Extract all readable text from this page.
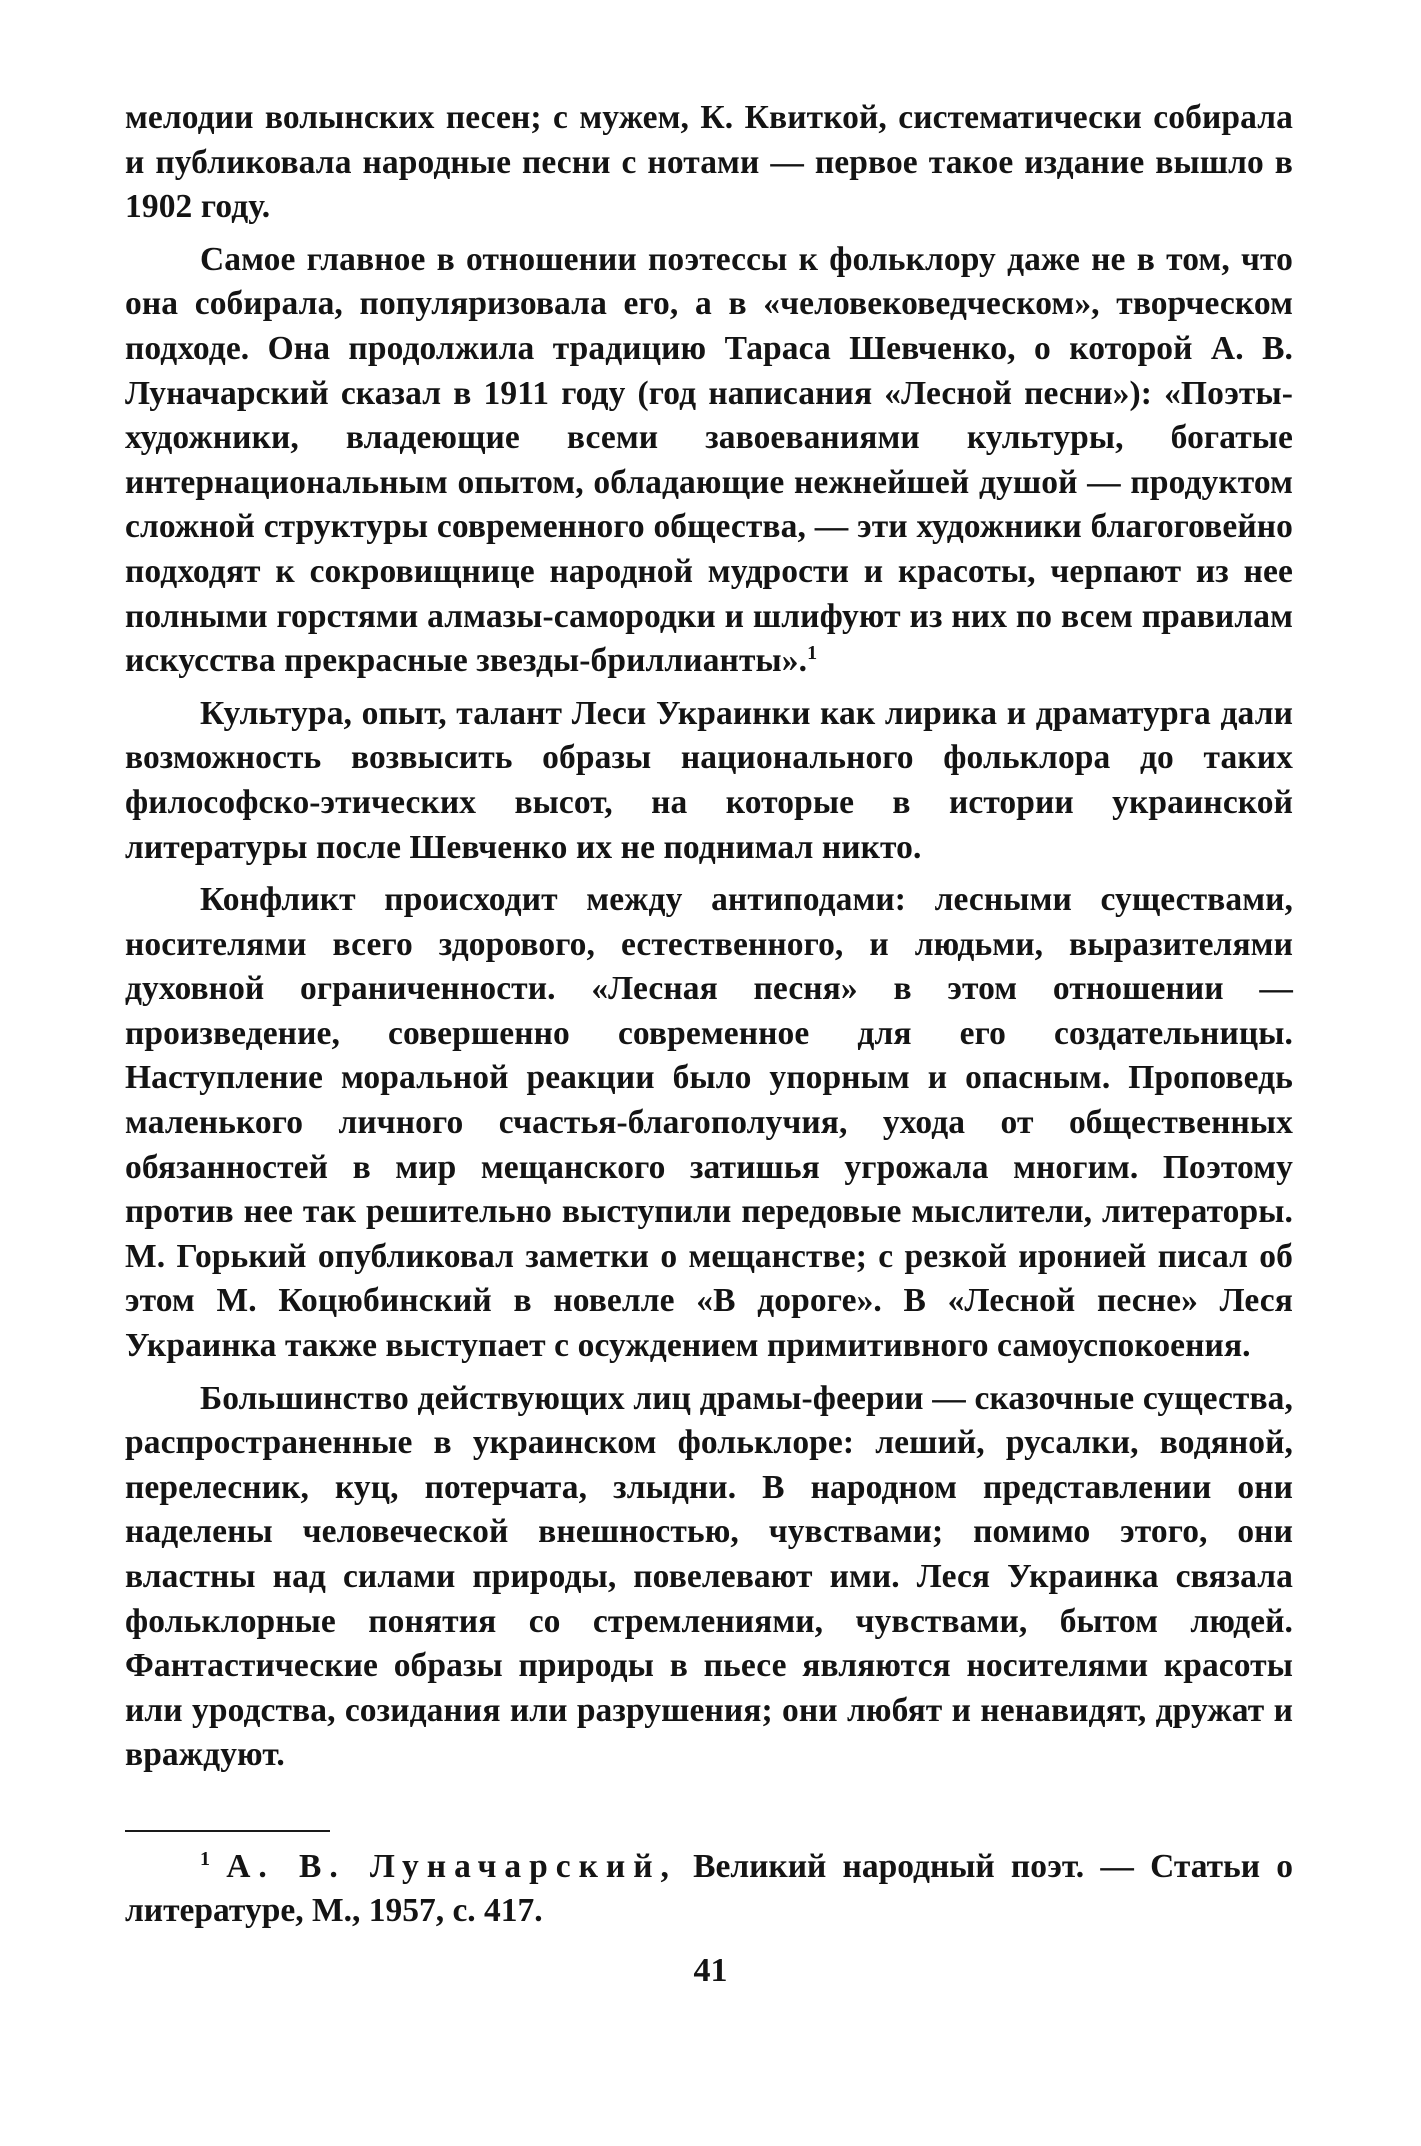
мелодии волынских песен; с мужем, К. Квиткой, систематически собирала и публиковала народные песни с нотами — первое такое издание вышло в 1902 году.

Самое главное в отношении поэтессы к фольклору даже не в том, что она собирала, популяризовала его, а в «человековедческом», творческом подходе. Она продолжила традицию Тараса Шевченко, о которой А. В. Луначарский сказал в 1911 году (год написания «Лесной песни»): «Поэты-художники, владеющие всеми завоеваниями культуры, богатые интернациональным опытом, обладающие нежнейшей душой — продуктом сложной структуры современного общества, — эти художники благоговейно подходят к сокровищнице народной мудрости и красоты, черпают из нее полными горстями алмазы-самородки и шлифуют из них по всем правилам искусства прекрасные звезды-бриллианты».$^1$

Культура, опыт, талант Леси Украинки как лирика и драматурга дали возможность возвысить образы национального фольклора до таких философско-этических высот, на которые в истории украинской литературы после Шевченко их не поднимал никто.

Конфликт происходит между антиподами: лесными существами, носителями всего здорового, естественного, и людьми, выразителями духовной ограниченности. «Лесная песня» в этом отношении — произведение, совершенно современное для его создательницы. Наступление моральной реакции было упорным и опасным. Проповедь маленького личного счастья-благополучия, ухода от общественных обязанностей в мир мещанского затишья угрожала многим. Поэтому против нее так решительно выступили передовые мыслители, литераторы. М. Горький опубликовал заметки о мещанстве; с резкой иронией писал об этом М. Коцюбинский в новелле «В дороге». В «Лесной песне» Леся Украинка также выступает с осуждением примитивного самоуспокоения.

Большинство действующих лиц драмы-феерии — сказочные существа, распространенные в украинском фольклоре: леший, русалки, водяной, перелесник, куц, потерчата, злыдни. В народном представлении они наделены человеческой внешностью, чувствами; помимо этого, они властны над силами природы, повелевают ими. Леся Украинка связала фольклорные понятия со стремлениями, чувствами, бытом людей. Фантастические образы природы в пьесе являются носителями красоты или уродства, созидания или разрушения; они любят и ненавидят, дружат и враждуют.

$^1$ А. В. Луначарский, Великий народный поэт. — Статьи о литературе, М., 1957, с. 417.

41
